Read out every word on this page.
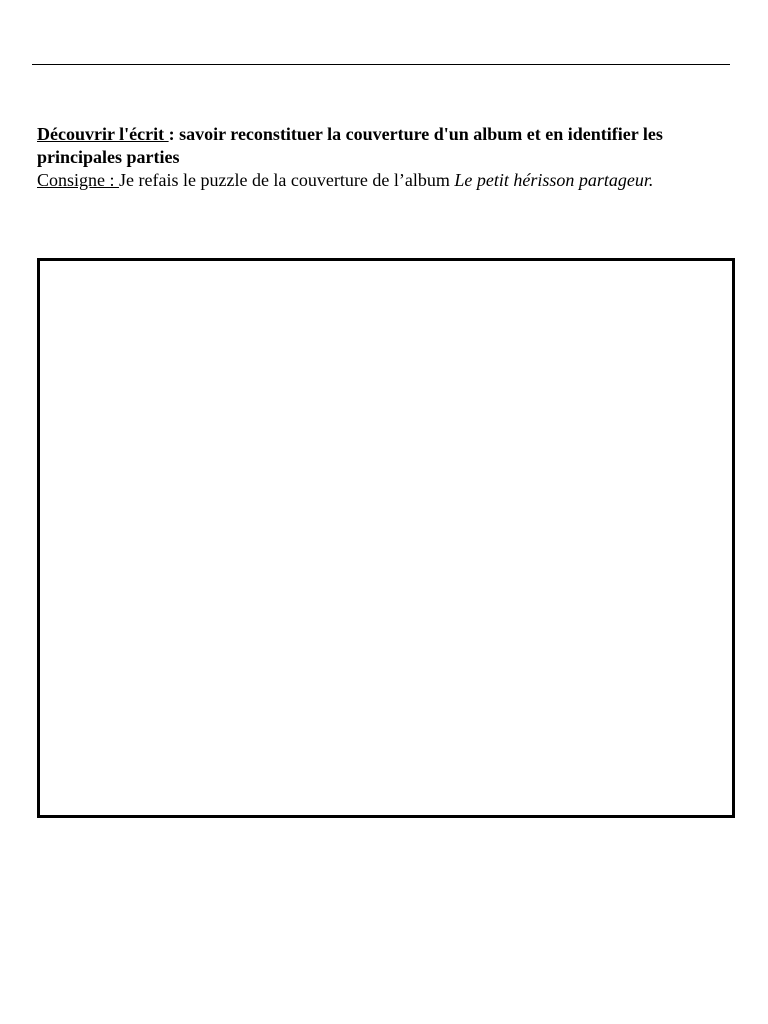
Découvrir l'écrit : savoir reconstituer la couverture d'un album et en identifier les principales parties

Consigne : Je refais le puzzle de la couverture de l’album Le petit hérisson partageur.
